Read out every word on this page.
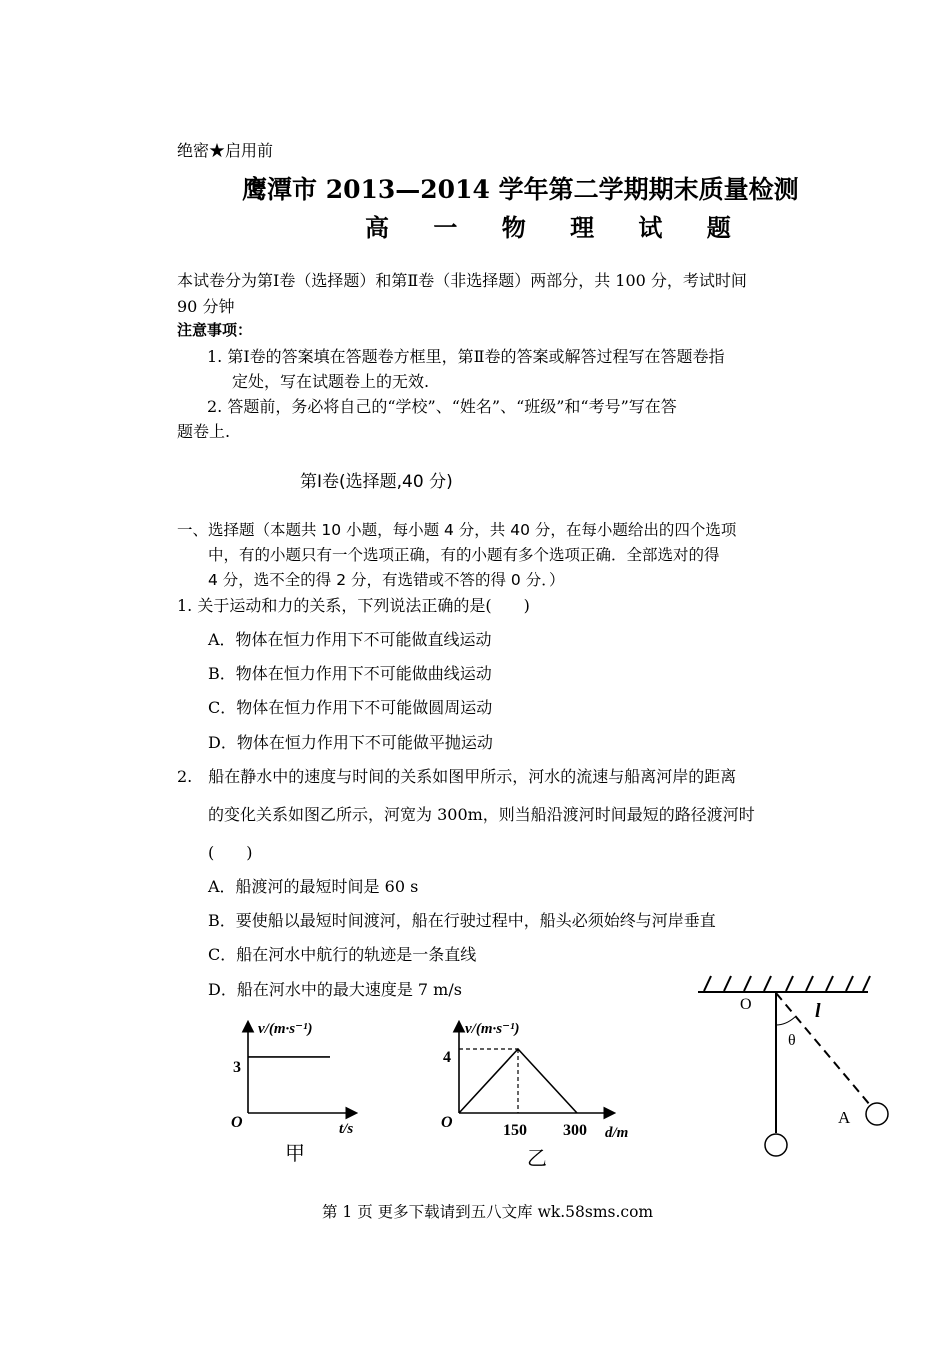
绝密★启用前
鹰潭市 2013—2014 学年第二学期期末质量检测
高 一 物 理 试 题
本试卷分为第Ⅰ卷（选择题）和第Ⅱ卷（非选择题）两部分，共 100 分，考试时间
90 分钟
注意事项：
1. 第Ⅰ卷的答案填在答题卷方框里，第Ⅱ卷的答案或解答过程写在答题卷指
定处，写在试题卷上的无效.
2. 答题前，务必将自己的“学校”、“姓名”、“班级”和“考号”写在答
题卷上.
第Ⅰ卷(选择题,40 分)
一、选择题（本题共 10 小题，每小题 4 分，共 40 分，在每小题给出的四个选项
中，有的小题只有一个选项正确，有的小题有多个选项正确．全部选对的得
4 分，选不全的得 2 分，有选错或不答的得 0 分．）
1. 关于运动和力的关系，下列说法正确的是(　　)
A．物体在恒力作用下不可能做直线运动
B．物体在恒力作用下不可能做曲线运动
C．物体在恒力作用下不可能做圆周运动
D．物体在恒力作用下不可能做平抛运动
2.　船在静水中的速度与时间的关系如图甲所示，河水的流速与船离河岸的距离
的变化关系如图乙所示，河宽为 300m，则当船沿渡河时间最短的路径渡河时
(　　)
A．船渡河的最短时间是 60 s
B．要使船以最短时间渡河，船在行驶过程中，船头必须始终与河岸垂直
C．船在河水中航行的轨迹是一条直线
D．船在河水中的最大速度是 7 m/s
v/(m·s⁻¹)
3
O	t/s
甲
v/(m·s⁻¹)
4
O	150 300 d/m
乙
O	l
θ
A
第 1 页 更多下载请到五八文库 wk.58sms.com
